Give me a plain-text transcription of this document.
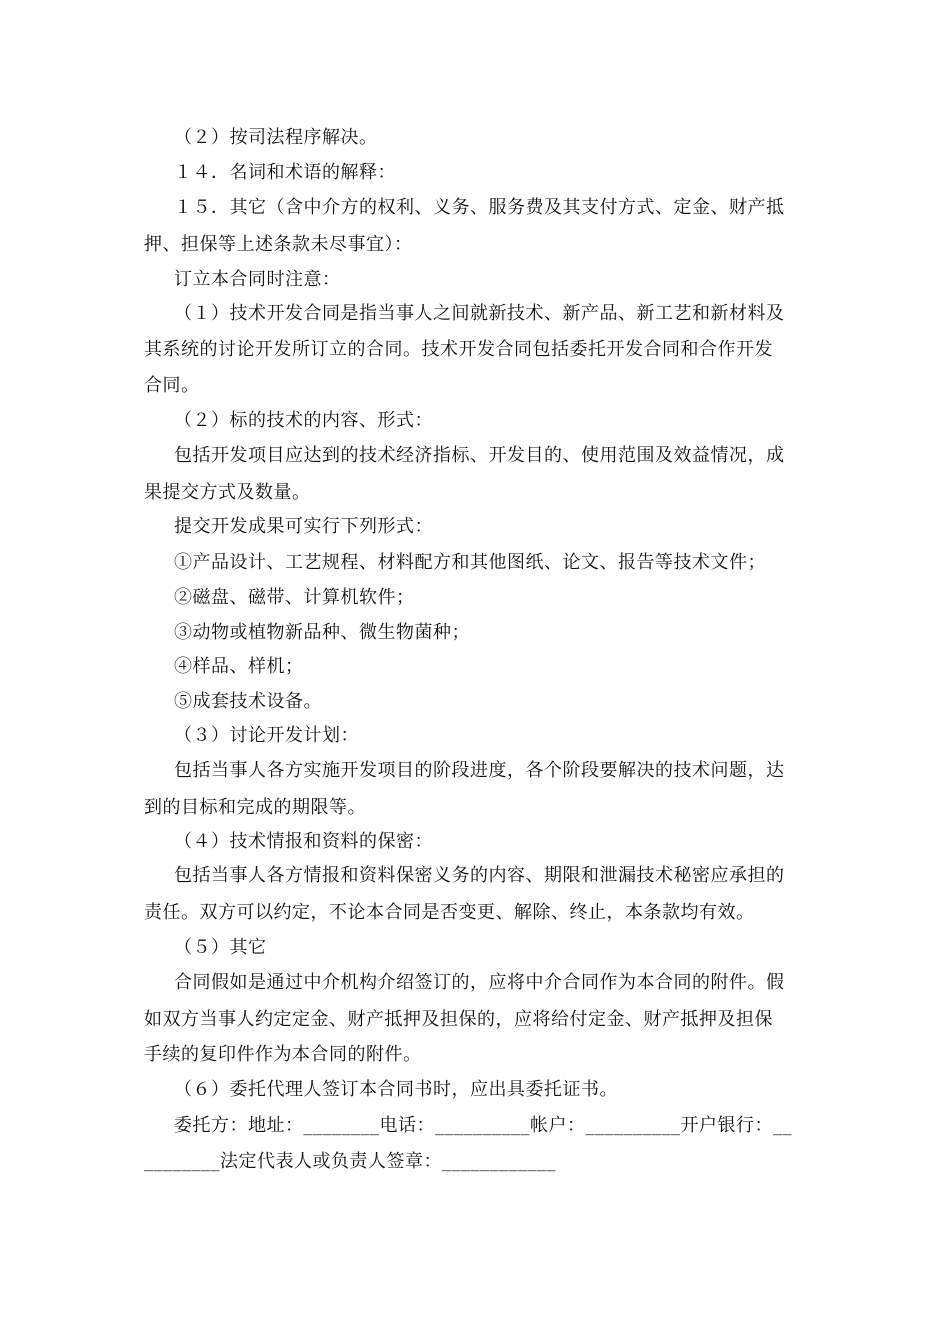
（２）按司法程序解决。
１４．名词和术语的解释：
１５．其它（含中介方的权利、义务、服务费及其支付方式、定金、财产抵
押、担保等上述条款未尽事宜）：
订立本合同时注意：
（１）技术开发合同是指当事人之间就新技术、新产品、新工艺和新材料及
其系统的讨论开发所订立的合同。技术开发合同包括委托开发合同和合作开发
合同。
（２）标的技术的内容、形式：
包括开发项目应达到的技术经济指标、开发目的、使用范围及效益情况，成
果提交方式及数量。
提交开发成果可实行下列形式：
①产品设计、工艺规程、材料配方和其他图纸、论文、报告等技术文件；
②磁盘、磁带、计算机软件；
③动物或植物新品种、微生物菌种；
④样品、样机；
⑤成套技术设备。
（３）讨论开发计划：
包括当事人各方实施开发项目的阶段进度，各个阶段要解决的技术问题，达
到的目标和完成的期限等。
（４）技术情报和资料的保密：
包括当事人各方情报和资料保密义务的内容、期限和泄漏技术秘密应承担的
责任。双方可以约定，不论本合同是否变更、解除、终止，本条款均有效。
（５）其它
合同假如是通过中介机构介绍签订的，应将中介合同作为本合同的附件。假
如双方当事人约定定金、财产抵押及担保的，应将给付定金、财产抵押及担保
手续的复印件作为本合同的附件。
（６）委托代理人签订本合同书时，应出具委托证书。
委托方：地址：________电话：__________帐户：__________开户银行：__
________法定代表人或负责人签章：____________
